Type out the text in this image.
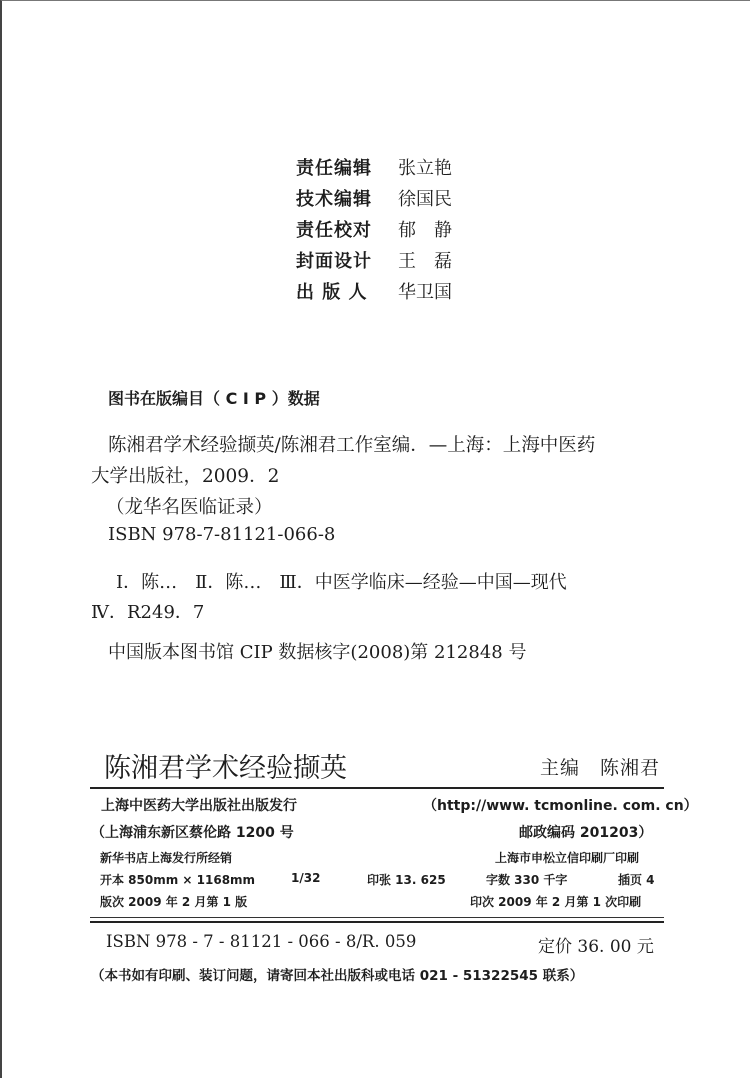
责任编辑 张立艳
技术编辑 徐国民
责任校对 郁　静
封面设计 王　磊
出 版 人 华卫国
图书在版编目（ C I P ）数据
陈湘君学术经验撷英/陈湘君工作室编．—上海：上海中医药
大学出版社，2009．2
（龙华名医临证录）
ISBN 978-7-81121-066-8
Ⅰ．陈…　Ⅱ．陈…　Ⅲ．中医学临床—经验—中国—现代
Ⅳ．R249．7
中国版本图书馆 CIP 数据核字(2008)第 212848 号
陈湘君学术经验撷英	主编　陈湘君
上海中医药大学出版社出版发行	（http://www. tcmonline. com. cn）
（上海浦东新区蔡伦路 1200 号	邮政编码 201203）
新华书店上海发行所经销	上海市申松立信印刷厂印刷
开本 850mm × 1168mm	1/32	印张 13. 625	字数 330 千字	插页 4
版次 2009 年 2 月第 1 版	印次 2009 年 2 月第 1 次印刷
ISBN 978 - 7 - 81121 - 066 - 8/R. 059	定价 36. 00 元
（本书如有印刷、装订问题，请寄回本社出版科或电话 021 - 51322545 联系）
